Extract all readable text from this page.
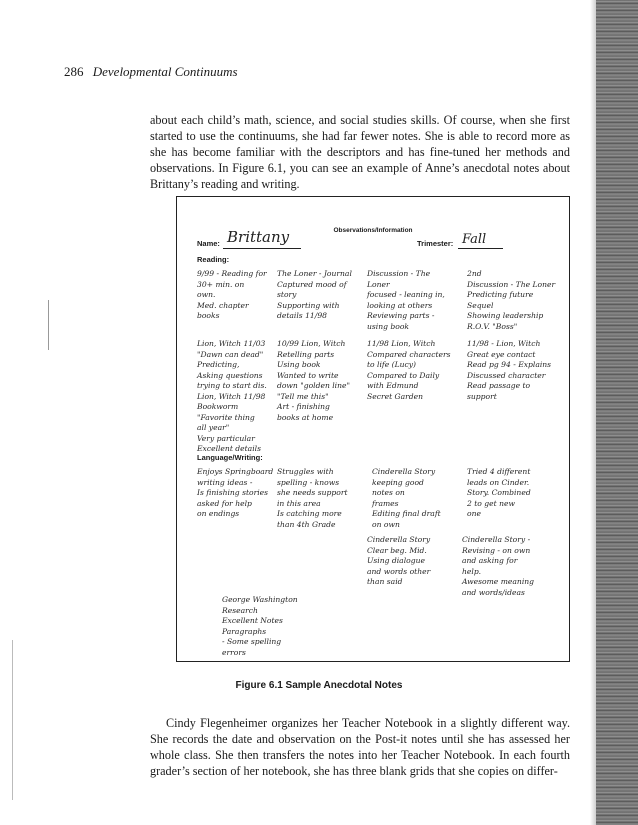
286 Developmental Continuums

about each child’s math, science, and social studies skills. Of course, when she first started to use the continuums, she had far fewer notes. She is able to record more as she has become familiar with the descriptors and has fine-tuned her methods and observations. In Figure 6.1, you can see an example of Anne’s anecdotal notes about Brittany’s reading and writing.

Observations/Information
Name: Brittany	Trimester: Fall
Reading:
9/99 - Reading for
30+ min. on
own.
Med. chapter
books
The Loner - Journal
Captured mood of
story
Supporting with
details 11/98
Discussion - The
Loner
focused - leaning in,
looking at others
Reviewing parts -
using book
2nd
Discussion - The Loner
Predicting future
Sequel
Showing leadership
R.O.V. "Boss"
Lion, Witch 11/03
"Dawn can dead"
Predicting,
Asking questions
trying to start dis.
Lion, Witch 11/98
Bookworm
"Favorite thing
all year"
Very particular
Excellent details
10/99 Lion, Witch
Retelling parts
Using book
Wanted to write
down "golden line"
"Tell me this"
Art - finishing
books at home
11/98 Lion, Witch
Compared characters
to life (Lucy)
Compared to Daily
with Edmund
Secret Garden
11/98 - Lion, Witch
Great eye contact
Read pg 94 - Explains
Discussed character
Read passage to
support
Language/Writing:
Enjoys Springboard
writing ideas -
Is finishing stories
asked for help
on endings
Struggles with
spelling - knows
she needs support
in this area
Is catching more
than 4th Grade
Cinderella Story
keeping good
notes on
frames
Editing final draft
on own
Tried 4 different
leads on Cinder.
Story. Combined
2 to get new
one
Cinderella Story
Clear beg. Mid.
Using dialogue
and words other
than said
Cinderella Story -
Revising - on own
and asking for
help.
Awesome meaning
and words/ideas
George Washington
Research
Excellent Notes
Paragraphs
- Some spelling
errors
Figure 6.1 Sample Anecdotal Notes

Cindy Flegenheimer organizes her Teacher Notebook in a slightly different way. She records the date and observation on the Post-it notes until she has assessed her whole class. She then transfers the notes into her Teacher Notebook. In each fourth grader’s section of her notebook, she has three blank grids that she copies on differ-
